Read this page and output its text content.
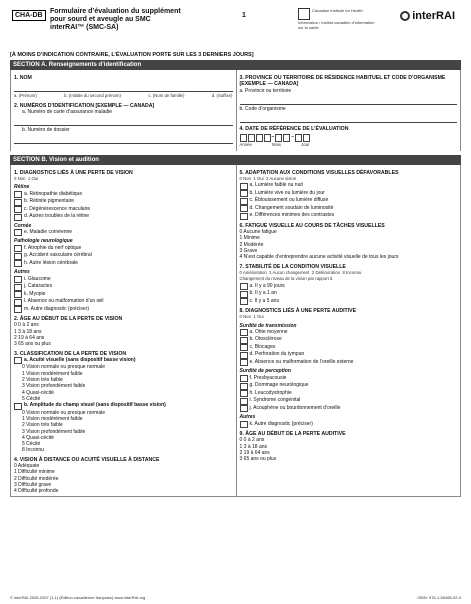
CHA-DB
Formulaire d’évaluation du supplément
pour sourd et aveugle au SMC
interRAI™ (SMC-SA)
1
Canadian Institute for Health Information / Institut canadien d’information sur la santé
interRAI
[À MOINS D’INDICATION CONTRAIRE, L’ÉVALUATION PORTE SUR LES 3 DERNIERS JOURS]
SECTION A. Renseignements d’identification
1. NOM
a. (Prénom)	b. (Initiale du second prénom)	c. (Nom de famille)	d. (Suffixe)
2. NUMÉROS D’IDENTIFICATION [EXEMPLE — CANADA]
a. Numéro de carte d’assurance maladie
b. Numéro de dossier
3. PROVINCE OU TERRITOIRE DE RÉSIDENCE HABITUEL ET CODE D’ORGANISME [EXEMPLE — CANADA]
a. Province ou territoire
b. Code d’organisme
4. DATE DE RÉFÉRENCE DE L’ÉVALUATION
–	–
Année	Mois	Jour
SECTION B. Vision et audition
1. DIAGNOSTICS LIÉS À UNE PERTE DE VISION
0 Non 1 Oui
Rétine
a. Rétinopathie diabétique
b. Rétinite pigmentaire
c. Dégénérescence maculaire
d. Autres troubles de la rétine
Cornée
e. Maladie cornéenne
Pathologie neurologique
f. Atrophie du nerf optique
g. Accident vasculaire cérébral
h. Autre lésion cérébrale
Autres
i. Glaucome
j. Cataractes
k. Myopie
l. Absence ou malformation d’un œil
m. Autre diagnostic (préciser)
2. ÂGE AU DÉBUT DE LA PERTE DE VISION
0 0 à 2 ans
1 3 à 18 ans
2 19 à 64 ans
3 65 ans ou plus
3. CLASSIFICATION DE LA PERTE DE VISION
a. Acuité visuelle (sans dispositif basse vision)
0 Vision normale ou presque normale
1 Vision modérément faible
2 Vision très faible
3 Vision profondément faible
4 Quasi-cécité
5 Cécité
b. Amplitude du champ visuel (sans dispositif basse vision)
0 Vision normale ou presque normale
1 Vision modérément faible
2 Vision très faible
3 Vision profondément faible
4 Quasi-cécité
5 Cécité
8 Inconnu
4. VISION À DISTANCE OU ACUITÉ VISUELLE À DISTANCE
0 Adéquate
1 Difficulté minime
2 Difficulté modérée
3 Difficulté grave
4 Difficulté profonde
5. ADAPTATION AUX CONDITIONS VISUELLES DÉFAVORABLES
0 Non 1 Oui 2 Aucune vision
a. Lumière faible ou nuit
b. Lumière vive ou lumière du jour
c. Éblouissement ou lumière diffuse
d. Changement soudain de luminosité
e. Différences minimes des contrastes
6. FATIGUE VISUELLE AU COURS DE TÂCHES VISUELLES
0 Aucune fatigue
1 Minime
2 Modérée
3 Grave
4 N’est capable d’entreprendre aucune activité visuelle de tous les jours
7. STABILITÉ DE LA CONDITION VISUELLE
0 Amélioration 1 Aucun changement 2 Détérioration 8 Inconnu
Changement du niveau de la vision par rapport à
a. Il y a 90 jours
b. Il y a 1 an
c. Il y a 5 ans
8. DIAGNOSTICS LIÉS À UNE PERTE AUDITIVE
0 Non 1 Oui
Surdité de transmission
a. Otite moyenne
b. Otosclérose
c. Blocages
d. Perforation du tympan
e. Absence ou malformation de l’oreille externe
Surdité de perception
f. Presbyacousie
g. Dommage neurologique
h. Leucodystrophie
i. Syndrome congénital
j. Acouphène ou bourdonnement d’oreille
Autres
k. Autre diagnostic (préciser)
9. ÂGE AU DÉBUT DE LA PERTE AUDITIVE
0 0 à 2 ans
1 3 à 18 ans
2 19 à 64 ans
3 65 ans ou plus
© interRAI 2005-2007 (1.1) (Édition canadienne française) www.interRAI.org	ISBN: 978-1-55465-02-0
